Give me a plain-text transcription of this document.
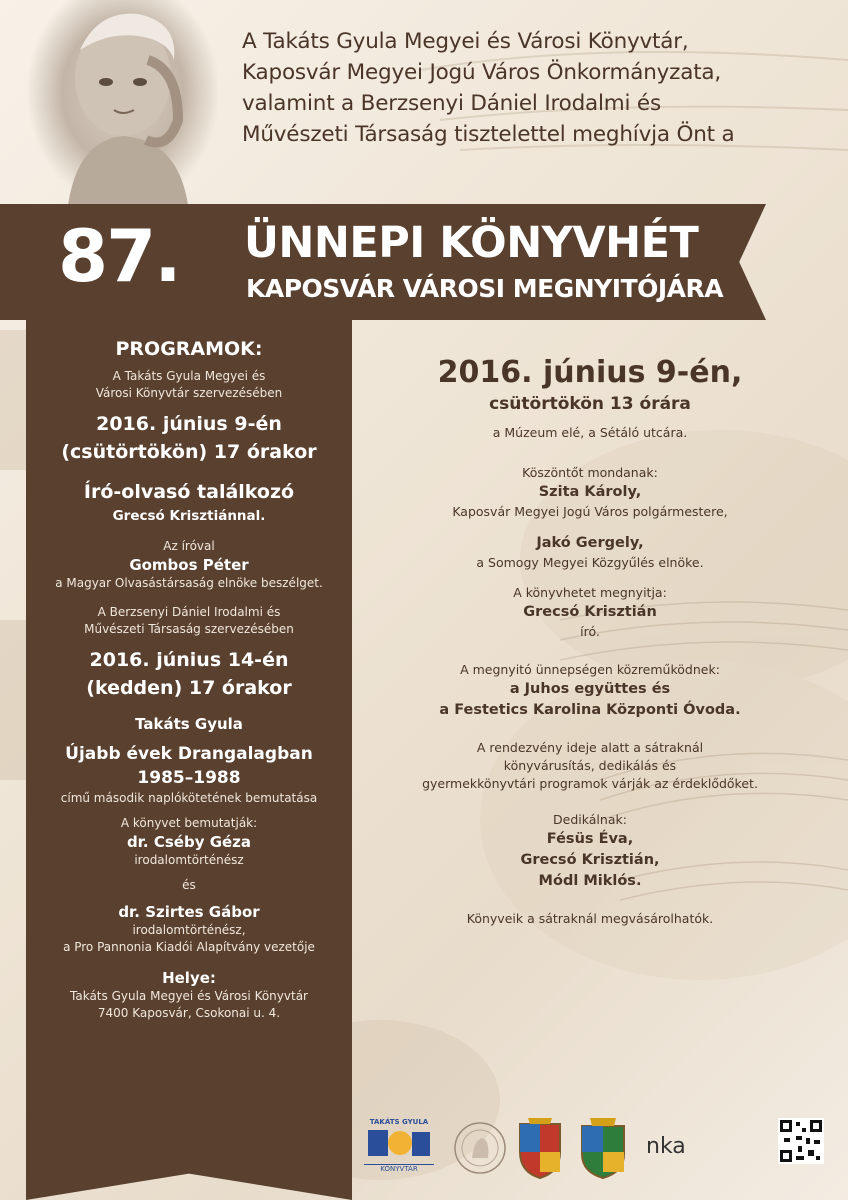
A Takáts Gyula Megyei és Városi Könyvtár,
Kaposvár Megyei Jogú Város Önkormányzata,
valamint a Berzsenyi Dániel Irodalmi és
Művészeti Társaság tisztelettel meghívja Önt a
87. ÜNNEPI KÖNYVHÉT
KAPOSVÁR VÁROSI MEGNYITÓJÁRA
PROGRAMOK:
A Takáts Gyula Megyei és
Városi Könyvtár szervezésében
2016. június 9-én
(csütörtökön) 17 órakor
Író-olvasó találkozó
Grecsó Krisztiánnal.
Az íróval
Gombos Péter
a Magyar Olvasástársaság elnöke beszélget.
A Berzsenyi Dániel Irodalmi és
Művészeti Társaság szervezésében
2016. június 14-én
(kedden) 17 órakor
Takáts Gyula
Újabb évek Drangalagban
1985–1988
című második naplókötetének bemutatása
A könyvet bemutatják:
dr. Cséby Géza
irodalomtörténész
és
dr. Szirtes Gábor
irodalomtörténész,
a Pro Pannonia Kiadói Alapítvány vezetője
Helye:
Takáts Gyula Megyei és Városi Könyvtár
7400 Kaposvár, Csokonai u. 4.
2016. június 9-én,
csütörtökön 13 órára
a Múzeum elé, a Sétáló utcára.
Köszöntőt mondanak:
Szita Károly,
Kaposvár Megyei Jogú Város polgármestere,
Jakó Gergely,
a Somogy Megyei Közgyűlés elnöke.
A könyvhetet megnyitja:
Grecsó Krisztián
író.
A megnyitó ünnepségen közreműködnek:
a Juhos együttes és
a Festetics Karolina Központi Óvoda.
A rendezvény ideje alatt a sátraknál
könyvárusítás, dedikálás és
gyermekkönyvtári programok várják az érdeklődőket.
Dedikálnak:
Fésüs Éva,
Grecsó Krisztián,
Módl Miklós.
Könyveik a sátraknál megvásárolhatók.
TAKÁTS GYULA
KÖNYVTÁR
nka
